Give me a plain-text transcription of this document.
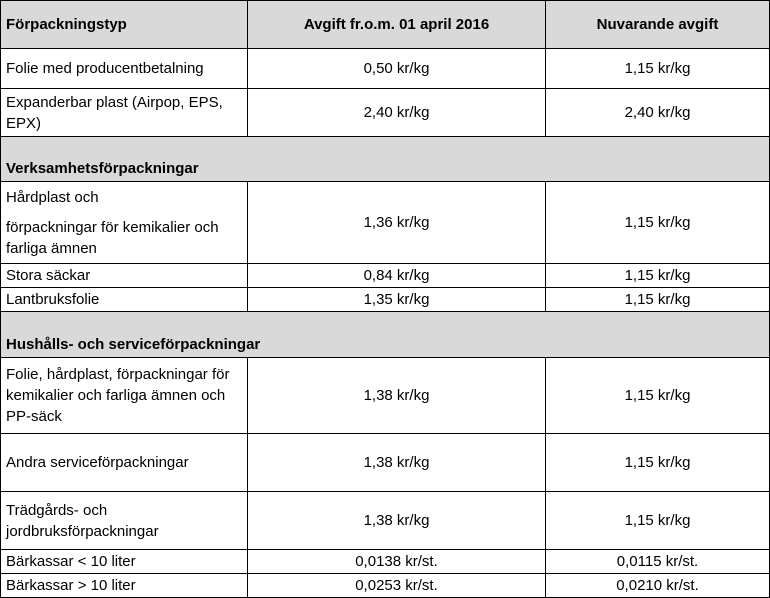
Förpackningstyp	Avgift fr.o.m. 01 april 2016	Nuvarande avgift
Folie med producentbetalning	0,50 kr/kg	1,15 kr/kg
Expanderbar plast (Airpop, EPS, EPX)	2,40 kr/kg	2,40 kr/kg
Verksamhetsförpackningar		

Hårdplast och
förpackningar för kemikalier och farliga ämnen	1,36 kr/kg	1,15 kr/kg
Stora säckar	0,84 kr/kg	1,15 kr/kg
Lantbruksfolie	1,35 kr/kg	1,15 kr/kg
Hushålls- och serviceförpackningar		
Folie, hårdplast, förpackningar för kemikalier och farliga ämnen och PP-säck	1,38 kr/kg	1,15 kr/kg
Andra serviceförpackningar	1,38 kr/kg	1,15 kr/kg
Trädgårds- och jordbruksförpackningar	1,38 kr/kg	1,15 kr/kg
Bärkassar < 10 liter	0,0138 kr/st.	0,0115 kr/st.
Bärkassar > 10 liter	0,0253 kr/st.	0,0210 kr/st.
